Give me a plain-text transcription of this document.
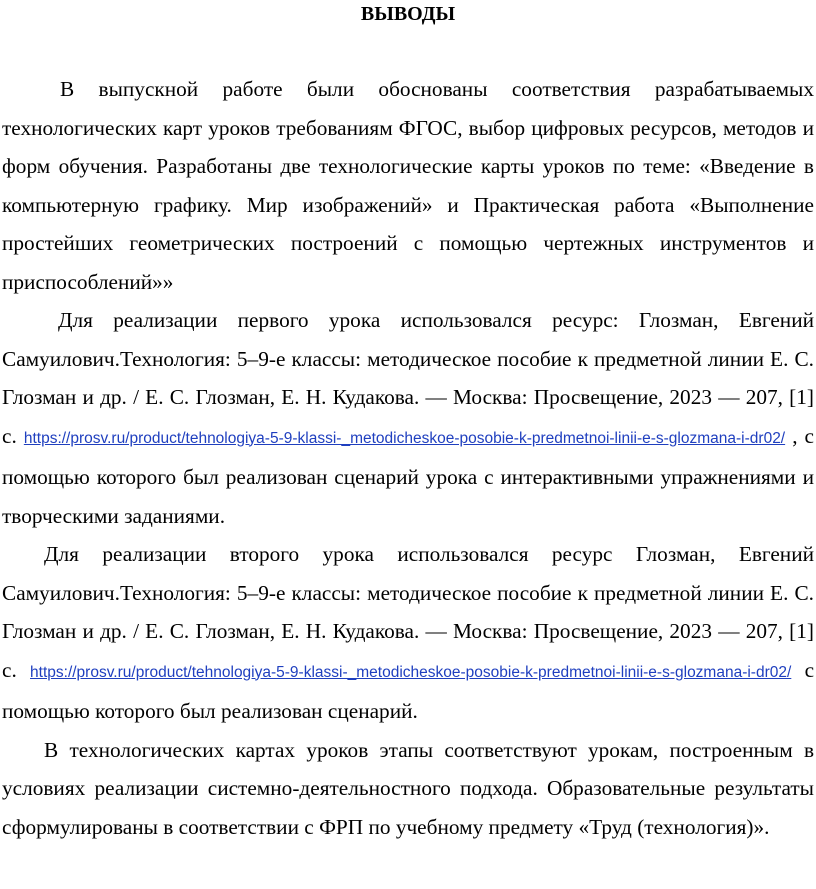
ВЫВОДЫ

В выпускной работе были обоснованы соответствия разрабатываемых технологических карт уроков требованиям ФГОС, выбор цифровых ресурсов, методов и форм обучения. Разработаны две технологические карты уроков по теме: «Введение в компьютерную графику. Мир изображений» и Практическая работа «Выполнение простейших геометрических построений с помощью чертежных инструментов и приспособлений»»

Для реализации первого урока использовался ресурс: Глозман, Евгений Самуилович.Технология: 5–9-е классы: методическое пособие к предметной линии Е. С. Глозман и др. / Е. С. Глозман, Е. Н. Кудакова. — Москва: Просвещение, 2023 — 207, [1] с. https://prosv.ru/product/tehnologiya-5-9-klassi-_metodicheskoe-posobie-k-predmetnoi-linii-e-s-glozmana-i-dr02/ , с помощью которого был реализован сценарий урока с интерактивными упражнениями и творческими заданиями.

Для реализации второго урока использовался ресурс Глозман, Евгений Самуилович.Технология: 5–9-е классы: методическое пособие к предметной линии Е. С. Глозман и др. / Е. С. Глозман, Е. Н. Кудакова. — Москва: Просвещение, 2023 — 207, [1] с. https://prosv.ru/product/tehnologiya-5-9-klassi-_metodicheskoe-posobie-k-predmetnoi-linii-e-s-glozmana-i-dr02/ с помощью которого был реализован сценарий.

В технологических картах уроков этапы соответствуют урокам, построенным в условиях реализации системно-деятельностного подхода. Образовательные результаты сформулированы в соответствии с ФРП по учебному предмету «Труд (технология)».
